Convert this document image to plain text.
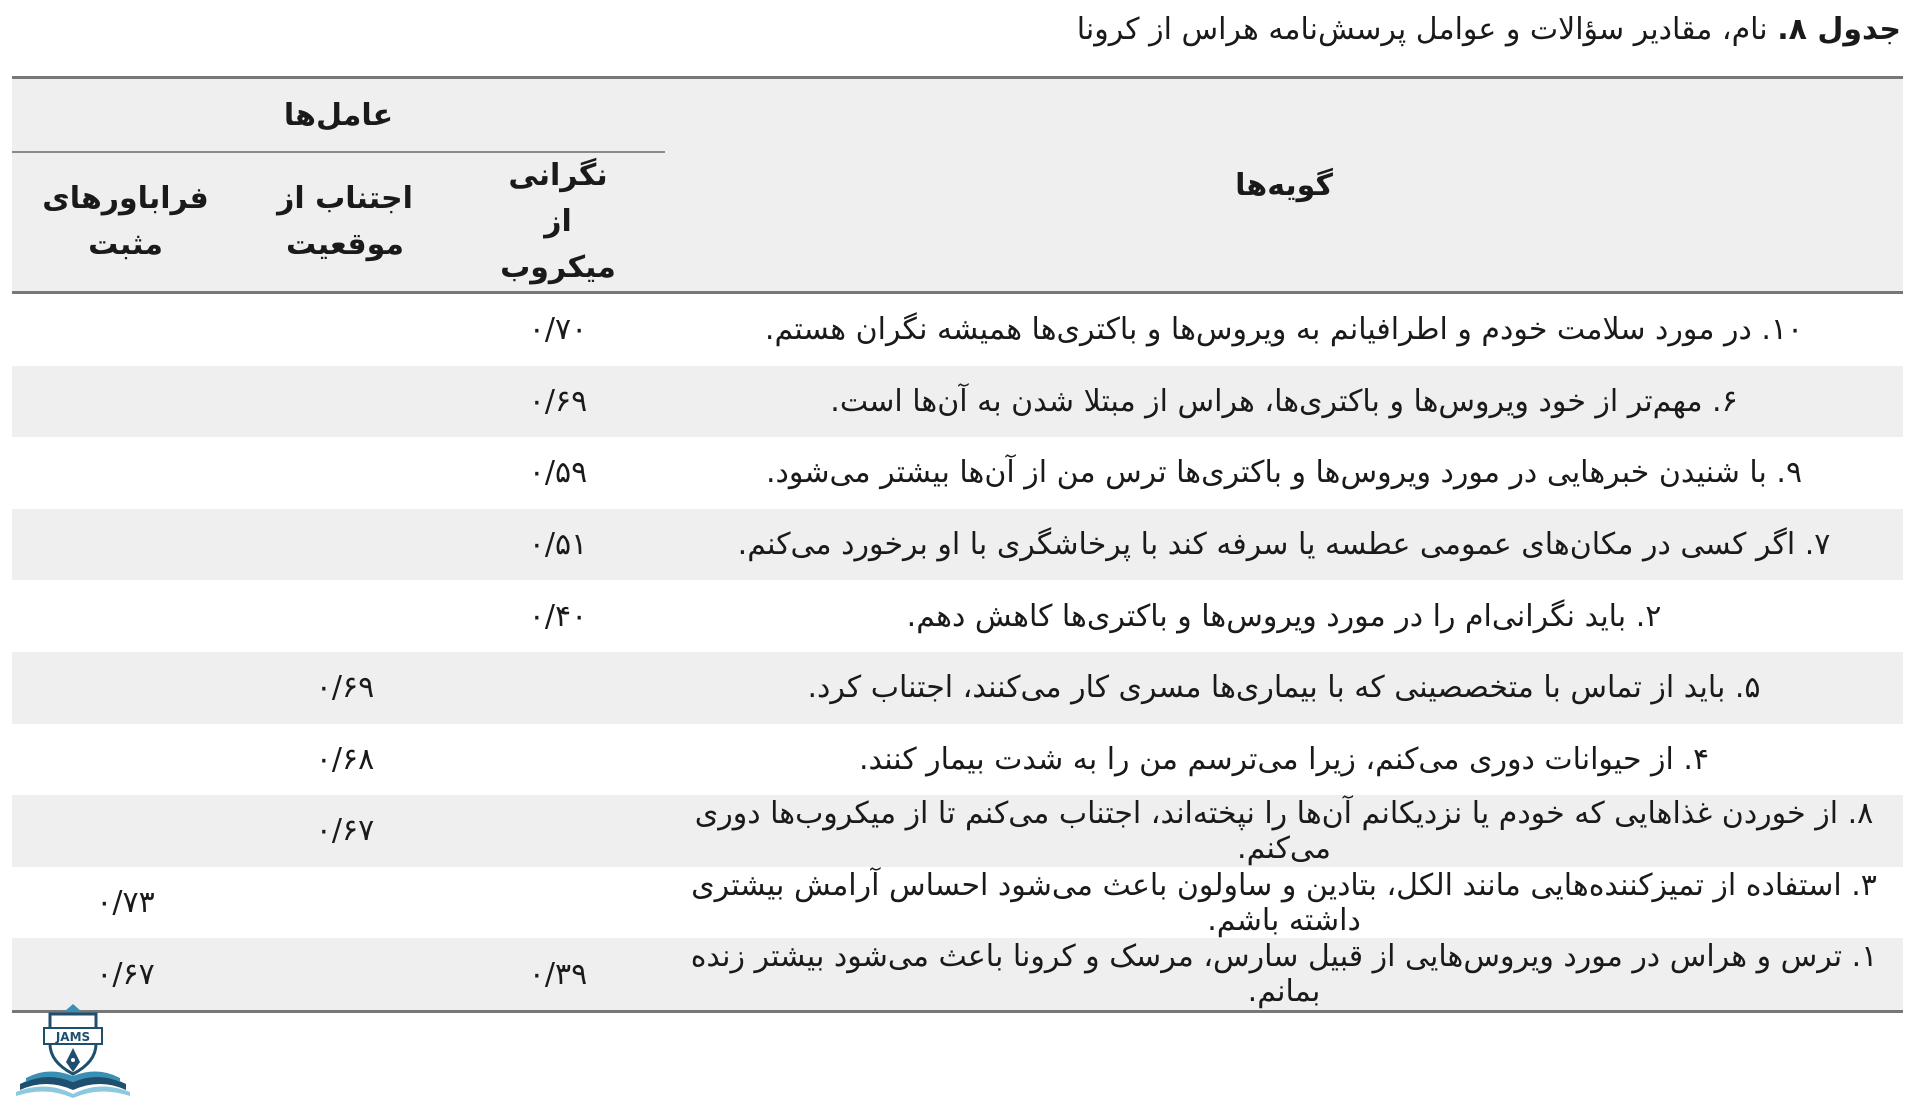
جدول ۸. نام، مقادیر سؤالات و عوامل پرسش‌نامه هراس از کرونا
گویه‌ها	عامل‌ها		
	نگرانی از میکروب	اجتناب از موقعیت	فراباورهای مثبت
۱۰. در مورد سلامت خودم و اطرافیانم به ویروس‌ها و باکتری‌ها همیشه نگران هستم.	۰/۷۰		
۶. مهم‌تر از خود ویروس‌ها و باکتری‌ها، هراس از مبتلا شدن به آن‌ها است.	۰/۶۹		
۹. با شنیدن خبرهایی در مورد ویروس‌ها و باکتری‌ها ترس من از آن‌ها بیشتر می‌شود.	۰/۵۹		
۷. اگر کسی در مکان‌های عمومی عطسه یا سرفه کند با پرخاشگری با او برخورد می‌کنم.	۰/۵۱		
۲. باید نگرانی‌ام را در مورد ویروس‌ها و باکتری‌ها کاهش دهم.	۰/۴۰		
۵. باید از تماس با متخصصینی که با بیماری‌ها مسری کار می‌کنند، اجتناب کرد.		۰/۶۹	
۴. از حیوانات دوری می‌کنم، زیرا می‌ترسم من را به شدت بیمار کنند.		۰/۶۸	
۸. از خوردن غذاهایی که خودم یا نزدیکانم آن‌ها را نپخته‌اند، اجتناب می‌کنم تا از میکروب‌ها دوری می‌کنم.		۰/۶۷	
۳. استفاده از تمیزکننده‌هایی مانند الکل، بتادین و ساولون باعث می‌شود احساس آرامش بیشتری داشته باشم.			۰/۷۳
۱. ترس و هراس در مورد ویروس‌هایی از قبیل سارس، مرسک و کرونا باعث می‌شود بیشتر زنده بمانم.	۰/۳۹		۰/۶۷
JAMS
